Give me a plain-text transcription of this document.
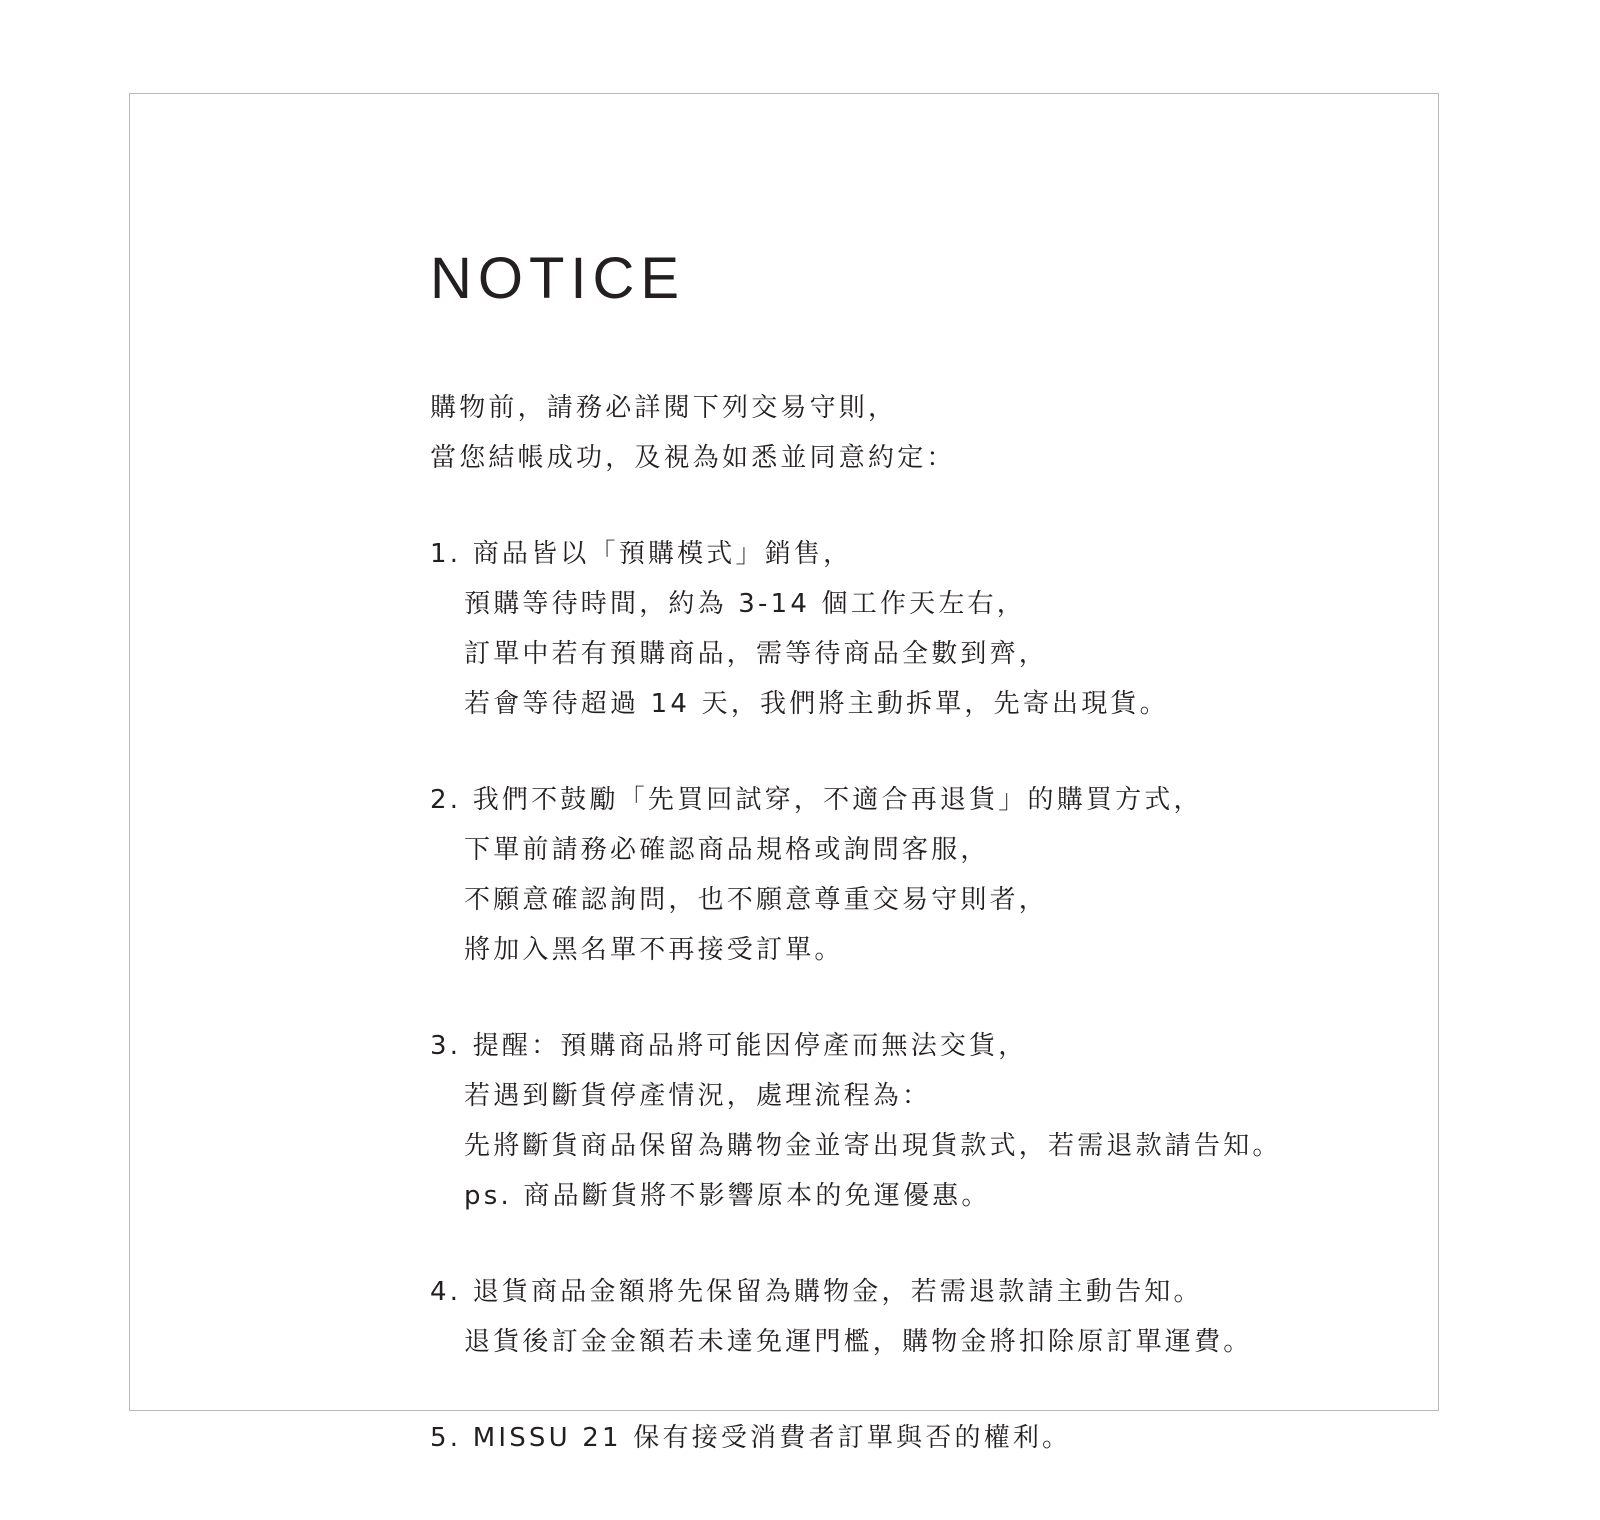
NOTICE
購物前，請務必詳閱下列交易守則，
當您結帳成功，及視為如悉並同意約定：
1. 商品皆以「預購模式」銷售，
預購等待時間，約為 3-14 個工作天左右，
訂單中若有預購商品，需等待商品全數到齊，
若會等待超過 14 天，我們將主動拆單，先寄出現貨。
2. 我們不鼓勵「先買回試穿，不適合再退貨」的購買方式，
下單前請務必確認商品規格或詢問客服，
不願意確認詢問，也不願意尊重交易守則者，
將加入黑名單不再接受訂單。
3. 提醒：預購商品將可能因停產而無法交貨，
若遇到斷貨停產情況，處理流程為：
先將斷貨商品保留為購物金並寄出現貨款式，若需退款請告知。
ps. 商品斷貨將不影響原本的免運優惠。
4. 退貨商品金額將先保留為購物金，若需退款請主動告知。
退貨後訂金金額若未達免運門檻，購物金將扣除原訂單運費。
5. MISSU 21 保有接受消費者訂單與否的權利。
